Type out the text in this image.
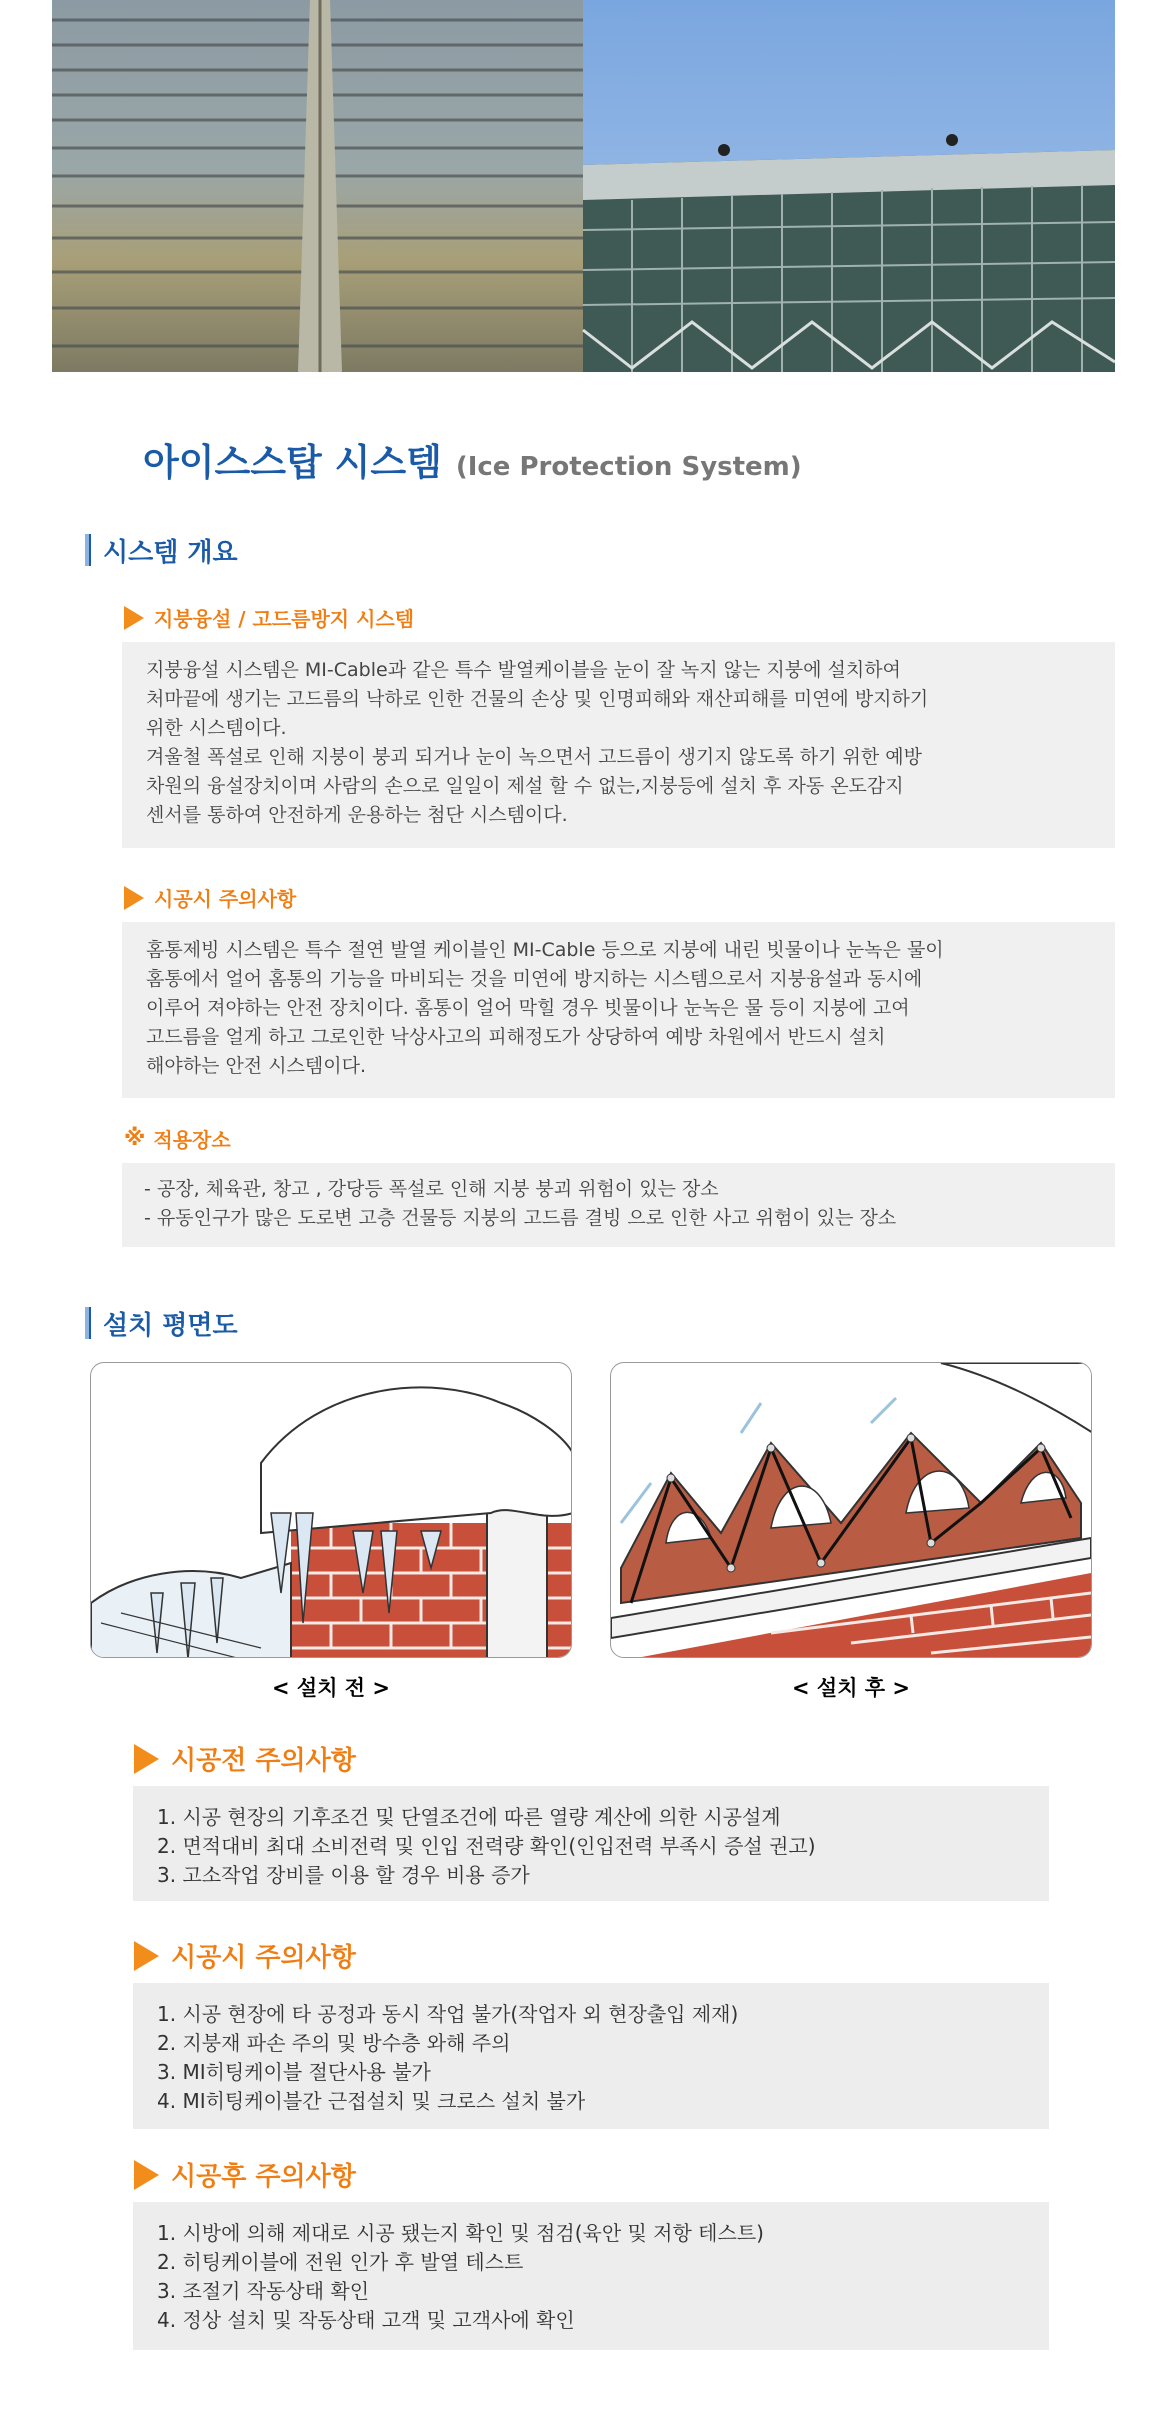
아이스스탑 시스템 (Ice Protection System)
시스템 개요
지붕융설 / 고드름방지 시스템

지붕융설 시스템은 MI-Cable과 같은 특수 발열케이블을 눈이 잘 녹지 않는 지붕에 설치하여

처마끝에 생기는 고드름의 낙하로 인한 건물의 손상 및 인명피해와 재산피해를 미연에 방지하기

위한 시스템이다.

겨울철 폭설로 인해 지붕이 붕괴 되거나 눈이 녹으면서 고드름이 생기지 않도록 하기 위한 예방

차원의 융설장치이며 사람의 손으로 일일이 제설 할 수 없는,지붕등에 설치 후 자동 온도감지

센서를 통하여 안전하게 운용하는 첨단 시스템이다.

시공시 주의사항

홈통제빙 시스템은 특수 절연 발열 케이블인 MI-Cable 등으로 지붕에 내린 빗물이나 눈녹은 물이

홈통에서 얼어 홈통의 기능을 마비되는 것을 미연에 방지하는 시스템으로서 지붕융설과 동시에

이루어 져야하는 안전 장치이다. 홈통이 얼어 막힐 경우 빗물이나 눈녹은 물 등이 지붕에 고여

고드름을 얼게 하고 그로인한 낙상사고의 피해정도가 상당하여 예방 차원에서 반드시 설치

해야하는 안전 시스템이다.

※ 적용장소

- 공장, 체육관, 창고 , 강당등 폭설로 인해 지붕 붕괴 위험이 있는 장소

- 유동인구가 많은 도로변 고층 건물등 지붕의 고드름 결빙 으로 인한 사고 위험이 있는 장소

설치 평면도
< 설치 전 >	< 설치 후 >
시공전 주의사항

1. 시공 현장의 기후조건 및 단열조건에 따른 열량 계산에 의한 시공설계

2. 면적대비 최대 소비전력 및 인입 전력량 확인(인입전력 부족시 증설 권고)

3. 고소작업 장비를 이용 할 경우 비용 증가

시공시 주의사항

1. 시공 현장에 타 공정과 동시 작업 불가(작업자 외 현장출입 제재)

2. 지붕재 파손 주의 및 방수층 와해 주의

3. MI히팅케이블 절단사용 불가

4. MI히팅케이블간 근접설치 및 크로스 설치 불가

시공후 주의사항

1. 시방에 의해 제대로 시공 됐는지 확인 및 점검(육안 및 저항 테스트)

2. 히팅케이블에 전원 인가 후 발열 테스트

3. 조절기 작동상태 확인

4. 정상 설치 및 작동상태 고객 및 고객사에 확인
